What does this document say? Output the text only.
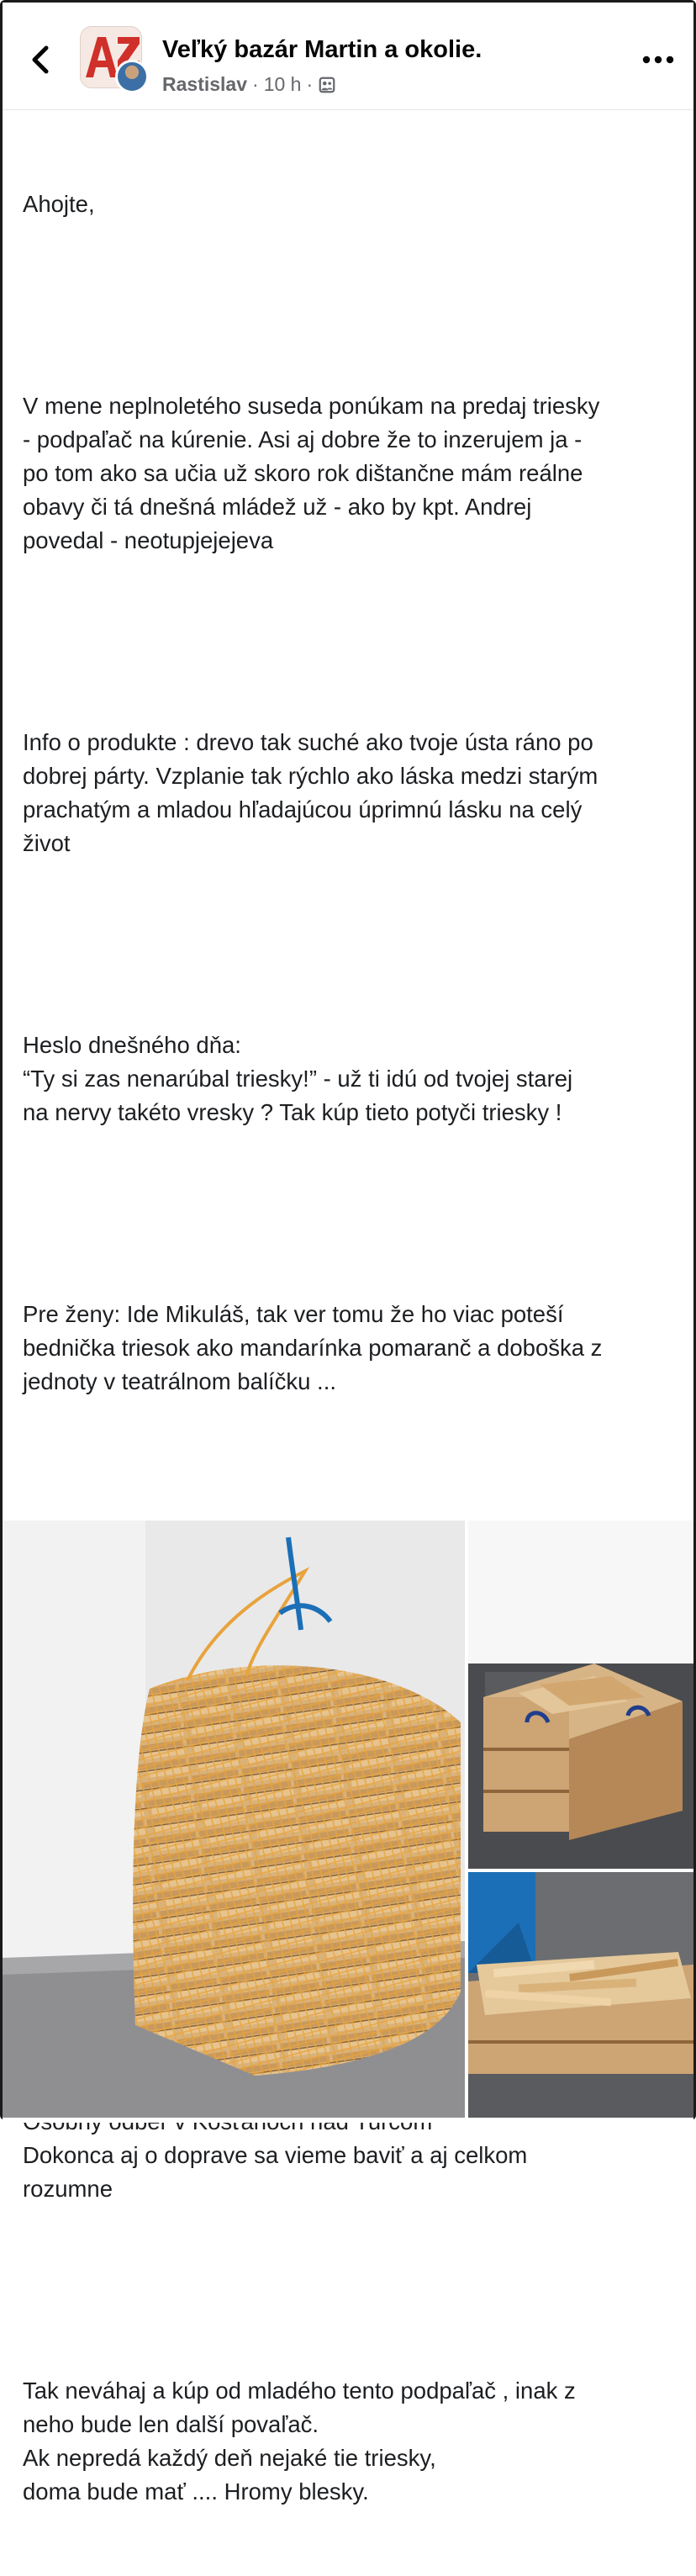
Veľký bazár Martin a okolie.
Rastislav · 10 h ·

Ahojte,

V mene neplnoletého suseda ponúkam na predaj triesky
- podpaľač na kúrenie. Asi aj dobre že to inzerujem ja -
po tom ako sa učia už skoro rok dištančne mám reálne
obavy či tá dnešná mládež už - ako by kpt. Andrej
povedal - neotupjejejeva

Info o produkte : drevo tak suché ako tvoje ústa ráno po
dobrej párty. Vzplanie tak rýchlo ako láska medzi starým
prachatým a mladou hľadajúcou úprimnú lásku na celý
život

Heslo dnešného dňa:
“Ty si zas nenarúbal triesky!” - už ti idú od tvojej starej
na nervy takéto vresky ? Tak kúp tieto potyči triesky !

Pre ženy: Ide Mikuláš, tak ver tomu že ho viac poteší
bednička triesok ako mandarínka pomaranč a doboška z
jednoty v teatrálnom balíčku ...

Dokonca aj o doprave sa vieme baviť a aj celkom
rozumne

Tak neváhaj a kúp od mladého tento podpaľač , inak z
neho bude len další povaľač.
Ak nepredá každý deň nejaké tie triesky,
doma bude mať .... Hromy blesky.
